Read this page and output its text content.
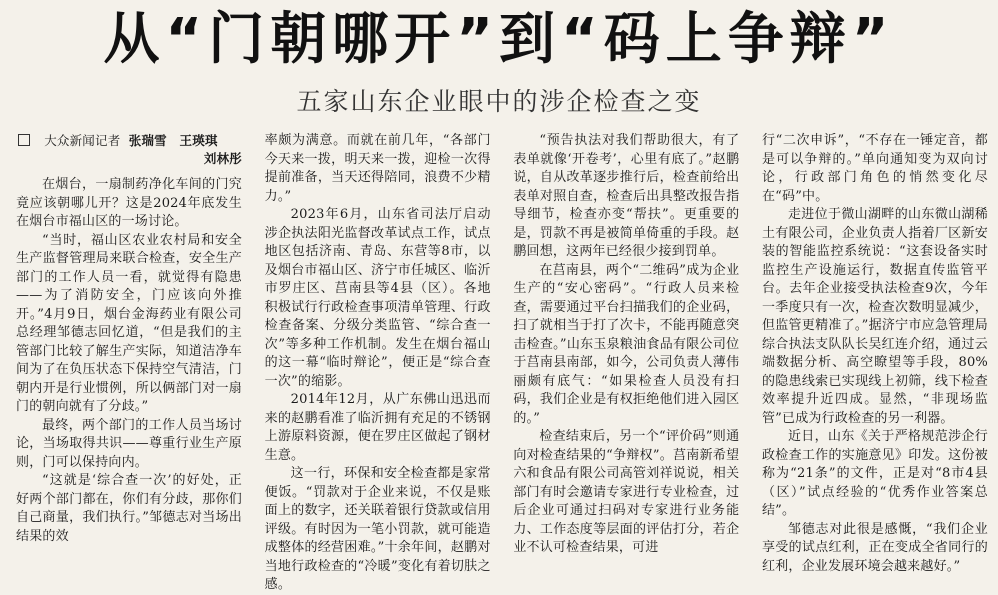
从“门朝哪开”到“码上争辩”
五家山东企业眼中的涉企检查之变
大众新闻记者 张瑞雪　王瑛琪
刘林彤

在烟台，一扇制药净化车间的门究竟应该朝哪儿开？这是2024年底发生在烟台市福山区的一场讨论。

“当时，福山区农业农村局和安全生产监督管理局来联合检查，安全生产部门的工作人员一看，就觉得有隐患——为了消防安全，门应该向外推开。”4月9日，烟台金海药业有限公司总经理邹德志回忆道，“但是我们的主管部门比较了解生产实际，知道洁净车间为了在负压状态下保持空气清洁，门朝内开是行业惯例，所以俩部门对一扇门的朝向就有了分歧。”

最终，两个部门的工作人员当场讨论，当场取得共识——尊重行业生产原则，门可以保持向内。

“这就是‘综合查一次’的好处，正好两个部门都在，你们有分歧，那你们自己商量，我们执行。”邹德志对当场出结果的效

率颇为满意。而就在前几年，“各部门今天来一拨，明天来一拨，迎检一次得提前准备，当天还得陪同，浪费不少精力。”

2023年6月，山东省司法厅启动涉企执法阳光监督改革试点工作，试点地区包括济南、青岛、东营等8市，以及烟台市福山区、济宁市任城区、临沂市罗庄区、莒南县等4县（区）。各地积极试行行政检查事项清单管理、行政检查备案、分级分类监管、“综合查一次”等多种工作机制。发生在烟台福山的这一幕“临时辩论”，便正是“综合查一次”的缩影。

2014年12月，从广东佛山迅迅而来的赵鹏看准了临沂拥有充足的不锈钢上游原料资源，便在罗庄区做起了钢材生意。

这一行，环保和安全检查都是家常便饭。“罚款对于企业来说，不仅是账面上的数字，还关联着银行贷款或信用评级。有时因为一笔小罚款，就可能造成整体的经营困难。”十余年间，赵鹏对当地行政检查的“冷暖”变化有着切肤之感。

“预告执法对我们帮助很大，有了表单就像‘开卷考’，心里有底了。”赵鹏说，自从改革逐步推行后，检查前给出表单对照自查，检查后出具整改报告指导细节，检查亦变“帮扶”。更重要的是，罚款不再是被简单倚重的手段。赵鹏回想，这两年已经很少接到罚单。

在莒南县，两个“二维码”成为企业生产的“安心密码”。“行政人员来检查，需要通过平台扫描我们的企业码，扫了就相当于打了次卡，不能再随意突击检查。”山东玉泉粮油食品有限公司位于莒南县南部，如今，公司负责人薄伟丽颇有底气：“如果检查人员没有扫码，我们企业是有权拒绝他们进入园区的。”

检查结束后，另一个“评价码”则通向对检查结果的“争辩权”。莒南新希望六和食品有限公司高管刘祥说说，相关部门有时会邀请专家进行专业检查，过后企业可通过扫码对专家进行业务能力、工作态度等层面的评估打分，若企业不认可检查结果，可进

行“二次申诉”，“不存在一锤定音，都是可以争辩的。”单向通知变为双向讨论，行政部门角色的悄然变化尽在“码”中。

走进位于微山湖畔的山东微山湖稀土有限公司，企业负责人指着厂区新安装的智能监控系统说：“这套设备实时监控生产设施运行，数据直传监管平台。去年企业接受执法检查9次，今年一季度只有一次，检查次数明显减少，但监管更精准了。”据济宁市应急管理局综合执法支队队长吴红连介绍，通过云端数据分析、高空瞭望等手段，80%的隐患线索已实现线上初筛，线下检查效率提升近四成。显然，“非现场监管”已成为行政检查的另一利器。

近日，山东《关于严格规范涉企行政检查工作的实施意见》印发。这份被称为“21条”的文件，正是对“8市4县（区）”试点经验的“优秀作业答案总结”。

邹德志对此很是感慨，“我们企业享受的试点红利，正在变成全省同行的红利，企业发展环境会越来越好。”
